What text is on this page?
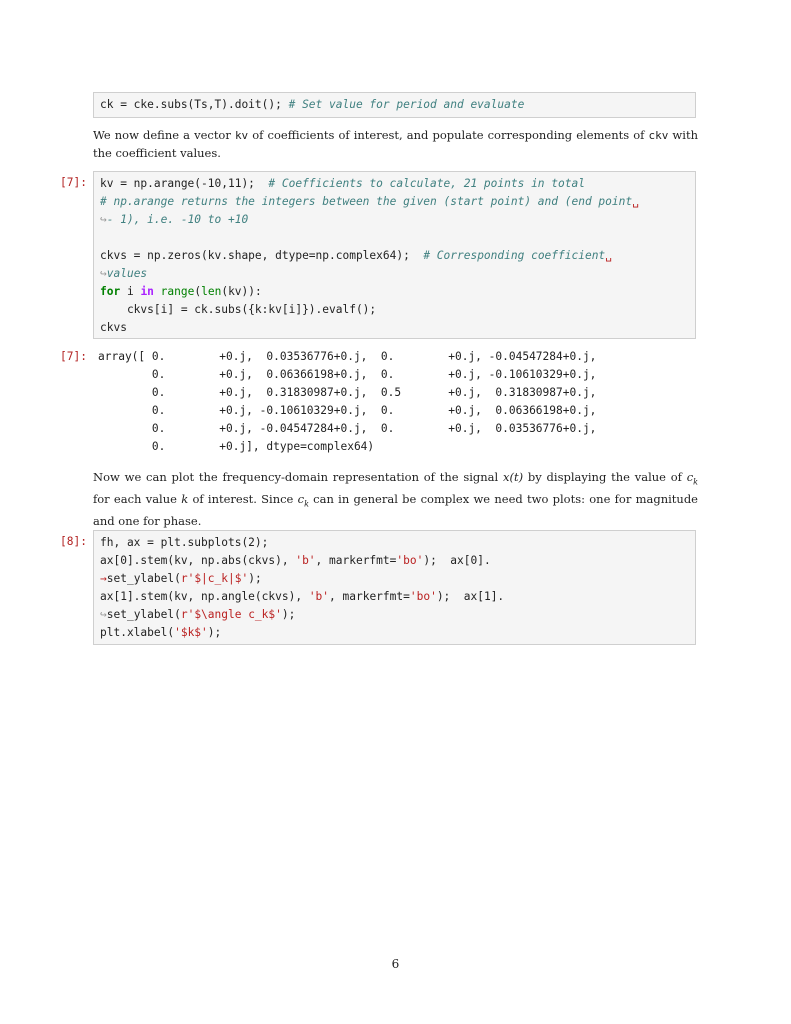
ck = cke.subs(Ts,T).doit(); # Set value for period and evaluate
We now define a vector kv of coefficients of interest, and populate corresponding elements of ckv with the coefficient values.
[7]: kv = np.arange(-10,11);  # Coefficients to calculate, 21 points in total
# np.arange returns the integers between the given (start point) and (end point␣
↪- 1), i.e. -10 to +10
ckvs = np.zeros(kv.shape, dtype=np.complex64);  # Corresponding coefficient␣
↪values
for i in range(len(kv)):
ckvs[i] = ck.subs({k:kv[i]}).evalf();
ckvs
[7]: array([ 0.        +0.j,  0.03536776+0.j,  0.        +0.j, -0.04547284+0.j,
0.        +0.j,  0.06366198+0.j,  0.        +0.j, -0.10610329+0.j,
0.        +0.j,  0.31830987+0.j,  0.5       +0.j,  0.31830987+0.j,
0.        +0.j, -0.10610329+0.j,  0.        +0.j,  0.06366198+0.j,
0.        +0.j, -0.04547284+0.j,  0.        +0.j,  0.03536776+0.j,
0.        +0.j], dtype=complex64)
Now we can plot the frequency-domain representation of the signal x(t) by displaying the value of $c_k$ for each value k of interest. Since $c_k$ can in general be complex we need two plots: one for magnitude and one for phase.
[8]: fh, ax = plt.subplots(2);
ax[0].stem(kv, np.abs(ckvs), 'b', markerfmt='bo');  ax[0].
→set_ylabel(r'$|c_k|$');
ax[1].stem(kv, np.angle(ckvs), 'b', markerfmt='bo');  ax[1].
↪set_ylabel(r'$\angle c_k$');
plt.xlabel('$k$');
6
